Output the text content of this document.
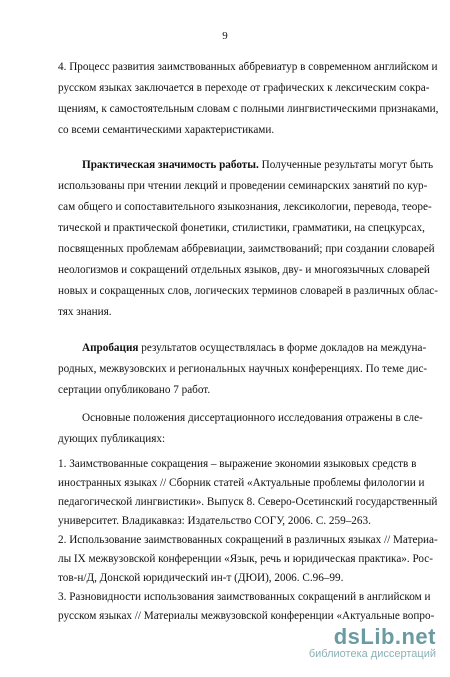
9
4. Процесс развития заимствованных аббревиатур в современном английском и
русском языках заключается в переходе от графических к лексическим сокра-
щениям, к самостоятельным словам с полными лингвистическими признаками,
со всеми семантическими характеристиками.
Практическая значимость работы. Полученные результаты могут быть
использованы при чтении лекций и проведении семинарских занятий по кур-
сам общего и сопоставительного языкознания, лексикологии, перевода, теоре-
тической и практической фонетики, стилистики, грамматики, на спецкурсах,
посвященных проблемам аббревиации, заимствований; при создании словарей
неологизмов и сокращений отдельных языков, дву- и многоязычных словарей
новых и сокращенных слов, логических терминов словарей в различных облас-
тях знания.
Апробация результатов осуществлялась в форме докладов на междуна-
родных, межвузовских и региональных научных конференциях. По теме дис-
сертации опубликовано 7 работ.
Основные положения диссертационного исследования отражены в сле-
дующих публикациях:
1. Заимствованные сокращения – выражение экономии языковых средств в
иностранных языках // Сборник статей «Актуальные проблемы филологии и
педагогической лингвистики». Выпуск 8. Северо-Осетинский государственный
университет. Владикавказ: Издательство СОГУ, 2006. С. 259–263.
2. Использование заимствованных сокращений в различных языках // Материа-
лы IX межвузовской конференции «Язык, речь и юридическая практика». Рос-
тов-н/Д, Донской юридический ин-т (ДЮИ), 2006. С.96–99.
3. Разновидности использования заимствованных сокращений в английском и
русском языках // Материалы межвузовской конференции «Актуальные вопро-
dsLib.net
библиотека диссертаций
